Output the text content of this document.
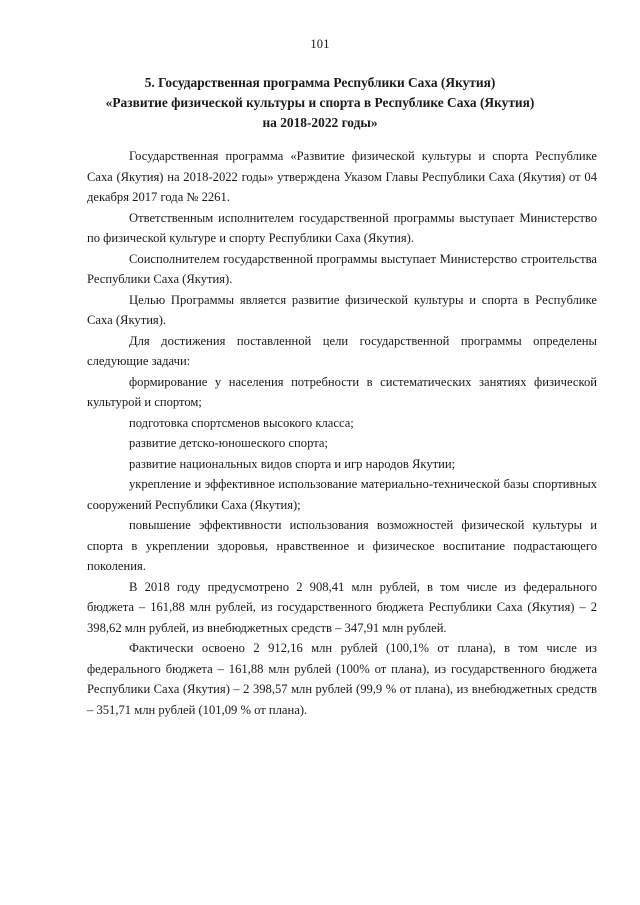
101
5. Государственная программа Республики Саха (Якутия)
«Развитие физической культуры и спорта в Республике Саха (Якутия)
на 2018-2022 годы»

Государственная программа «Развитие физической культуры и спорта Республике Саха (Якутия) на 2018-2022 годы» утверждена Указом Главы Республики Саха (Якутия) от 04 декабря 2017 года № 2261.

Ответственным исполнителем государственной программы выступает Министерство по физической культуре и спорту Республики Саха (Якутия).

Соисполнителем государственной программы выступает Министерство строительства Республики Саха (Якутия).

Целью Программы является развитие физической культуры и спорта в Республике Саха (Якутия).

Для достижения поставленной цели государственной программы определены следующие задачи:

формирование у населения потребности в систематических занятиях физической культурой и спортом;

подготовка спортсменов высокого класса;

развитие детско-юношеского спорта;

развитие национальных видов спорта и игр народов Якутии;

укрепление и эффективное использование материально-технической базы спортивных сооружений Республики Саха (Якутия);

повышение эффективности использования возможностей физической культуры и спорта в укреплении здоровья, нравственное и физическое воспитание подрастающего поколения.

В 2018 году предусмотрено 2 908,41 млн рублей, в том числе из федерального бюджета – 161,88 млн рублей, из государственного бюджета Республики Саха (Якутия) – 2 398,62 млн рублей, из внебюджетных средств – 347,91 млн рублей.

Фактически освоено 2 912,16 млн рублей (100,1% от плана), в том числе из федерального бюджета – 161,88 млн рублей (100% от плана), из государственного бюджета Республики Саха (Якутия) – 2 398,57 млн рублей (99,9 % от плана), из внебюджетных средств – 351,71 млн рублей (101,09 % от плана).
